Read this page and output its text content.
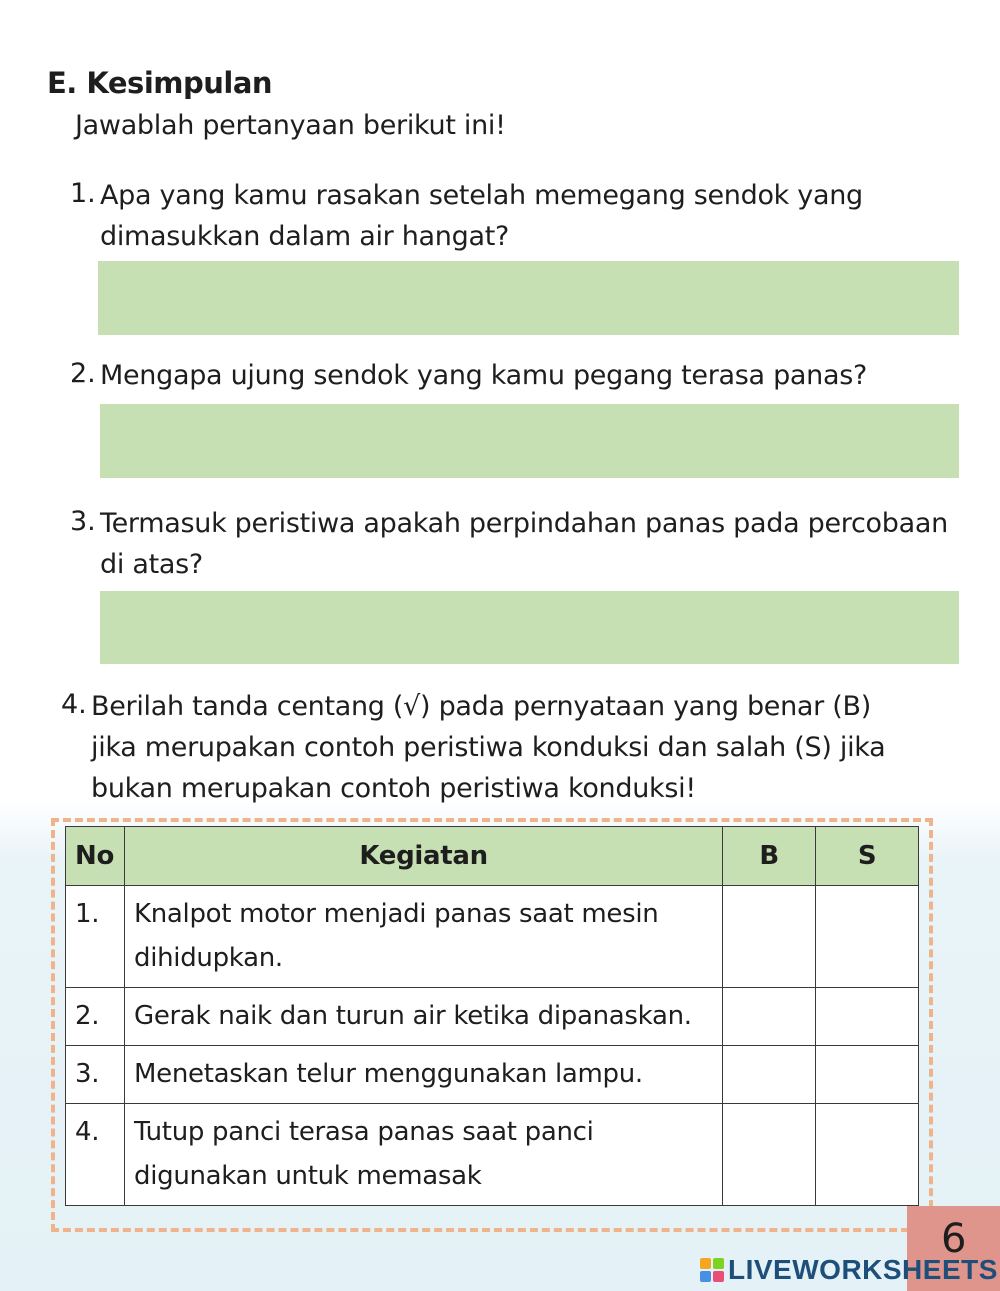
E. Kesimpulan
Jawablah pertanyaan berikut ini!
1. Apa yang kamu rasakan setelah memegang sendok yang
dimasukkan dalam air hangat?
2. Mengapa ujung sendok yang kamu pegang terasa panas?
3. Termasuk peristiwa apakah perpindahan panas pada percobaan
di atas?
4. Berilah tanda centang (√) pada pernyataan yang benar (B)
jika merupakan contoh peristiwa konduksi dan salah (S) jika
bukan merupakan contoh peristiwa konduksi!
No	Kegiatan	B	S
1.	Knalpot motor menjadi panas saat mesin dihidupkan.		
2.	Gerak naik dan turun air ketika dipanaskan.		
3.	Menetaskan telur menggunakan lampu.		
4.	Tutup panci terasa panas saat panci digunakan untuk memasak		
6
LIVEWORKSHEETS
